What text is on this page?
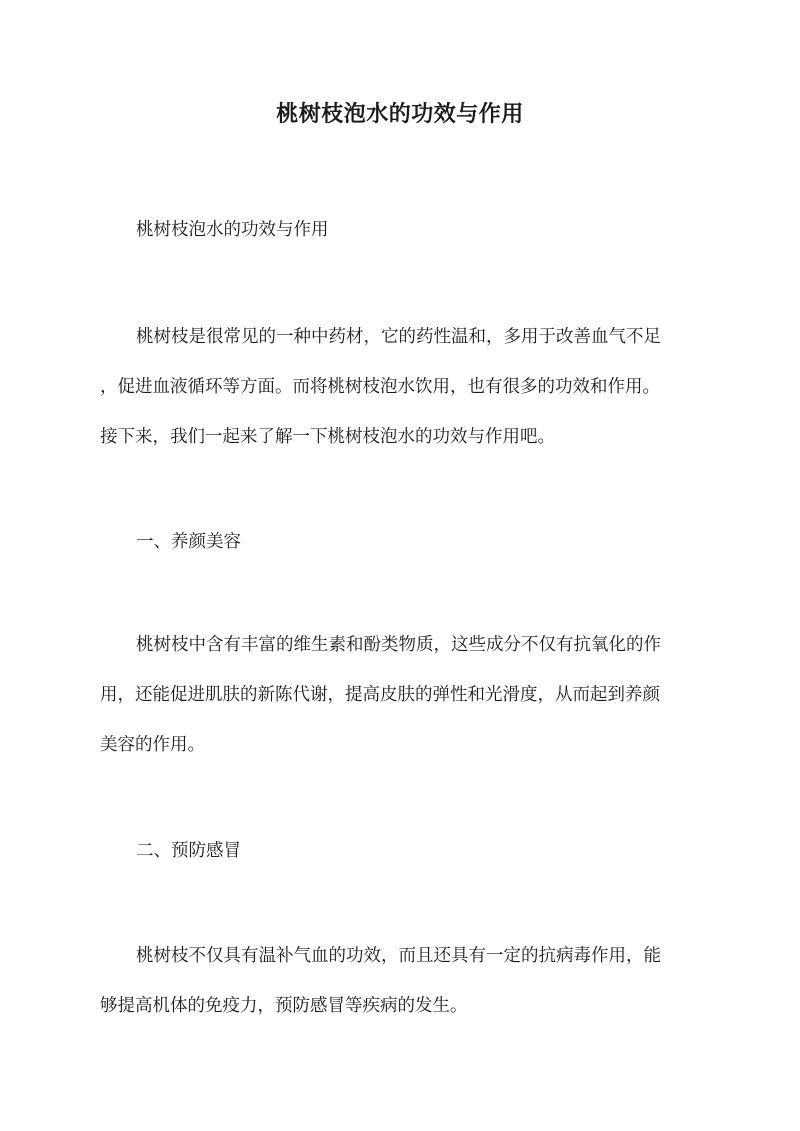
桃树枝泡水的功效与作用
桃树枝泡水的功效与作用
桃树枝是很常见的一种中药材，它的药性温和，多用于改善血气不足
，促进血液循环等方面。而将桃树枝泡水饮用，也有很多的功效和作用。
接下来，我们一起来了解一下桃树枝泡水的功效与作用吧。
一、养颜美容
桃树枝中含有丰富的维生素和酚类物质，这些成分不仅有抗氧化的作
用，还能促进肌肤的新陈代谢，提高皮肤的弹性和光滑度，从而起到养颜
美容的作用。
二、预防感冒
桃树枝不仅具有温补气血的功效，而且还具有一定的抗病毒作用，能
够提高机体的免疫力，预防感冒等疾病的发生。
